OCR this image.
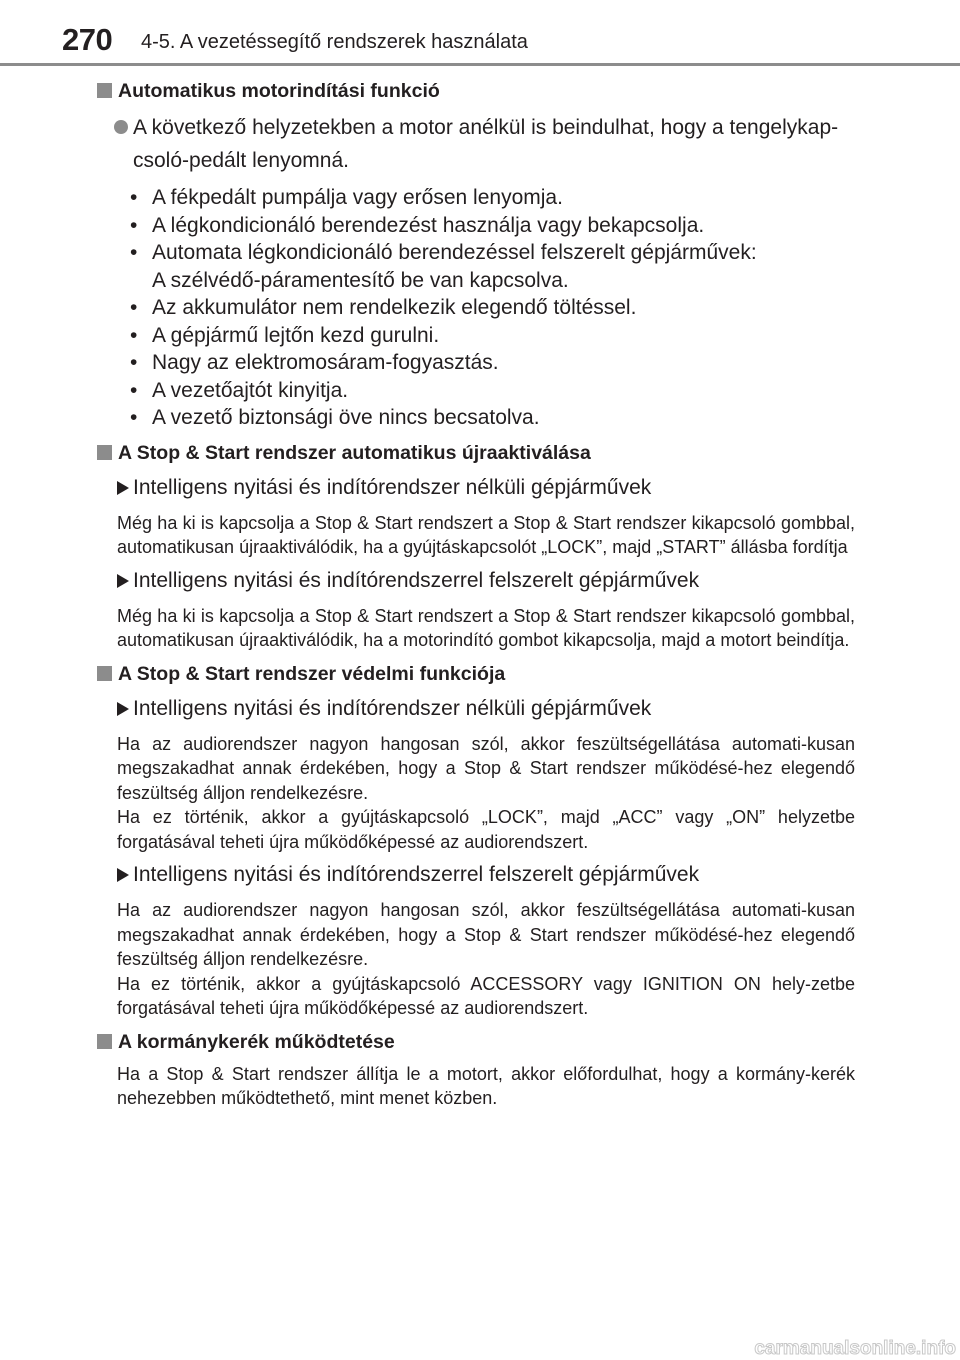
270 4-5. A vezetéssegítő rendszerek használata
Automatikus motorindítási funkció
A következő helyzetekben a motor anélkül is beindulhat, hogy a tengelykap-csoló-pedált lenyomná.
• A fékpedált pumpálja vagy erősen lenyomja.
• A légkondicionáló berendezést használja vagy bekapcsolja.
• Automata légkondicionáló berendezéssel felszerelt gépjárművek:
A szélvédő-páramentesítő be van kapcsolva.
• Az akkumulátor nem rendelkezik elegendő töltéssel.
• A gépjármű lejtőn kezd gurulni.
• Nagy az elektromosáram-fogyasztás.
• A vezetőajtót kinyitja.
• A vezető biztonsági öve nincs becsatolva.
A Stop & Start rendszer automatikus újraaktiválása
Intelligens nyitási és indítórendszer nélküli gépjárművek

Még ha ki is kapcsolja a Stop & Start rendszert a Stop & Start rendszer kikapcsoló gombbal, automatikusan újraaktiválódik, ha a gyújtáskapcsolót „LOCK”, majd „START” állásba fordítja

Intelligens nyitási és indítórendszerrel felszerelt gépjárművek

Még ha ki is kapcsolja a Stop & Start rendszert a Stop & Start rendszer kikapcsoló gombbal, automatikusan újraaktiválódik, ha a motorindító gombot kikapcsolja, majd a motort beindítja.

A Stop & Start rendszer védelmi funkciója
Intelligens nyitási és indítórendszer nélküli gépjárművek

Ha az audiorendszer nagyon hangosan szól, akkor feszültségellátása automati-kusan megszakadhat annak érdekében, hogy a Stop & Start rendszer működésé-hez elegendő feszültség álljon rendelkezésre.

Ha ez történik, akkor a gyújtáskapcsoló „LOCK”, majd „ACC” vagy „ON” helyzetbe forgatásával teheti újra működőképessé az audiorendszert.

Intelligens nyitási és indítórendszerrel felszerelt gépjárművek

Ha az audiorendszer nagyon hangosan szól, akkor feszültségellátása automati-kusan megszakadhat annak érdekében, hogy a Stop & Start rendszer működésé-hez elegendő feszültség álljon rendelkezésre.

Ha ez történik, akkor a gyújtáskapcsoló ACCESSORY vagy IGNITION ON hely-zetbe forgatásával teheti újra működőképessé az audiorendszert.

A kormánykerék működtetése

Ha a Stop & Start rendszer állítja le a motort, akkor előfordulhat, hogy a kormány-kerék nehezebben működtethető, mint menet közben.

carmanualsonline.info
